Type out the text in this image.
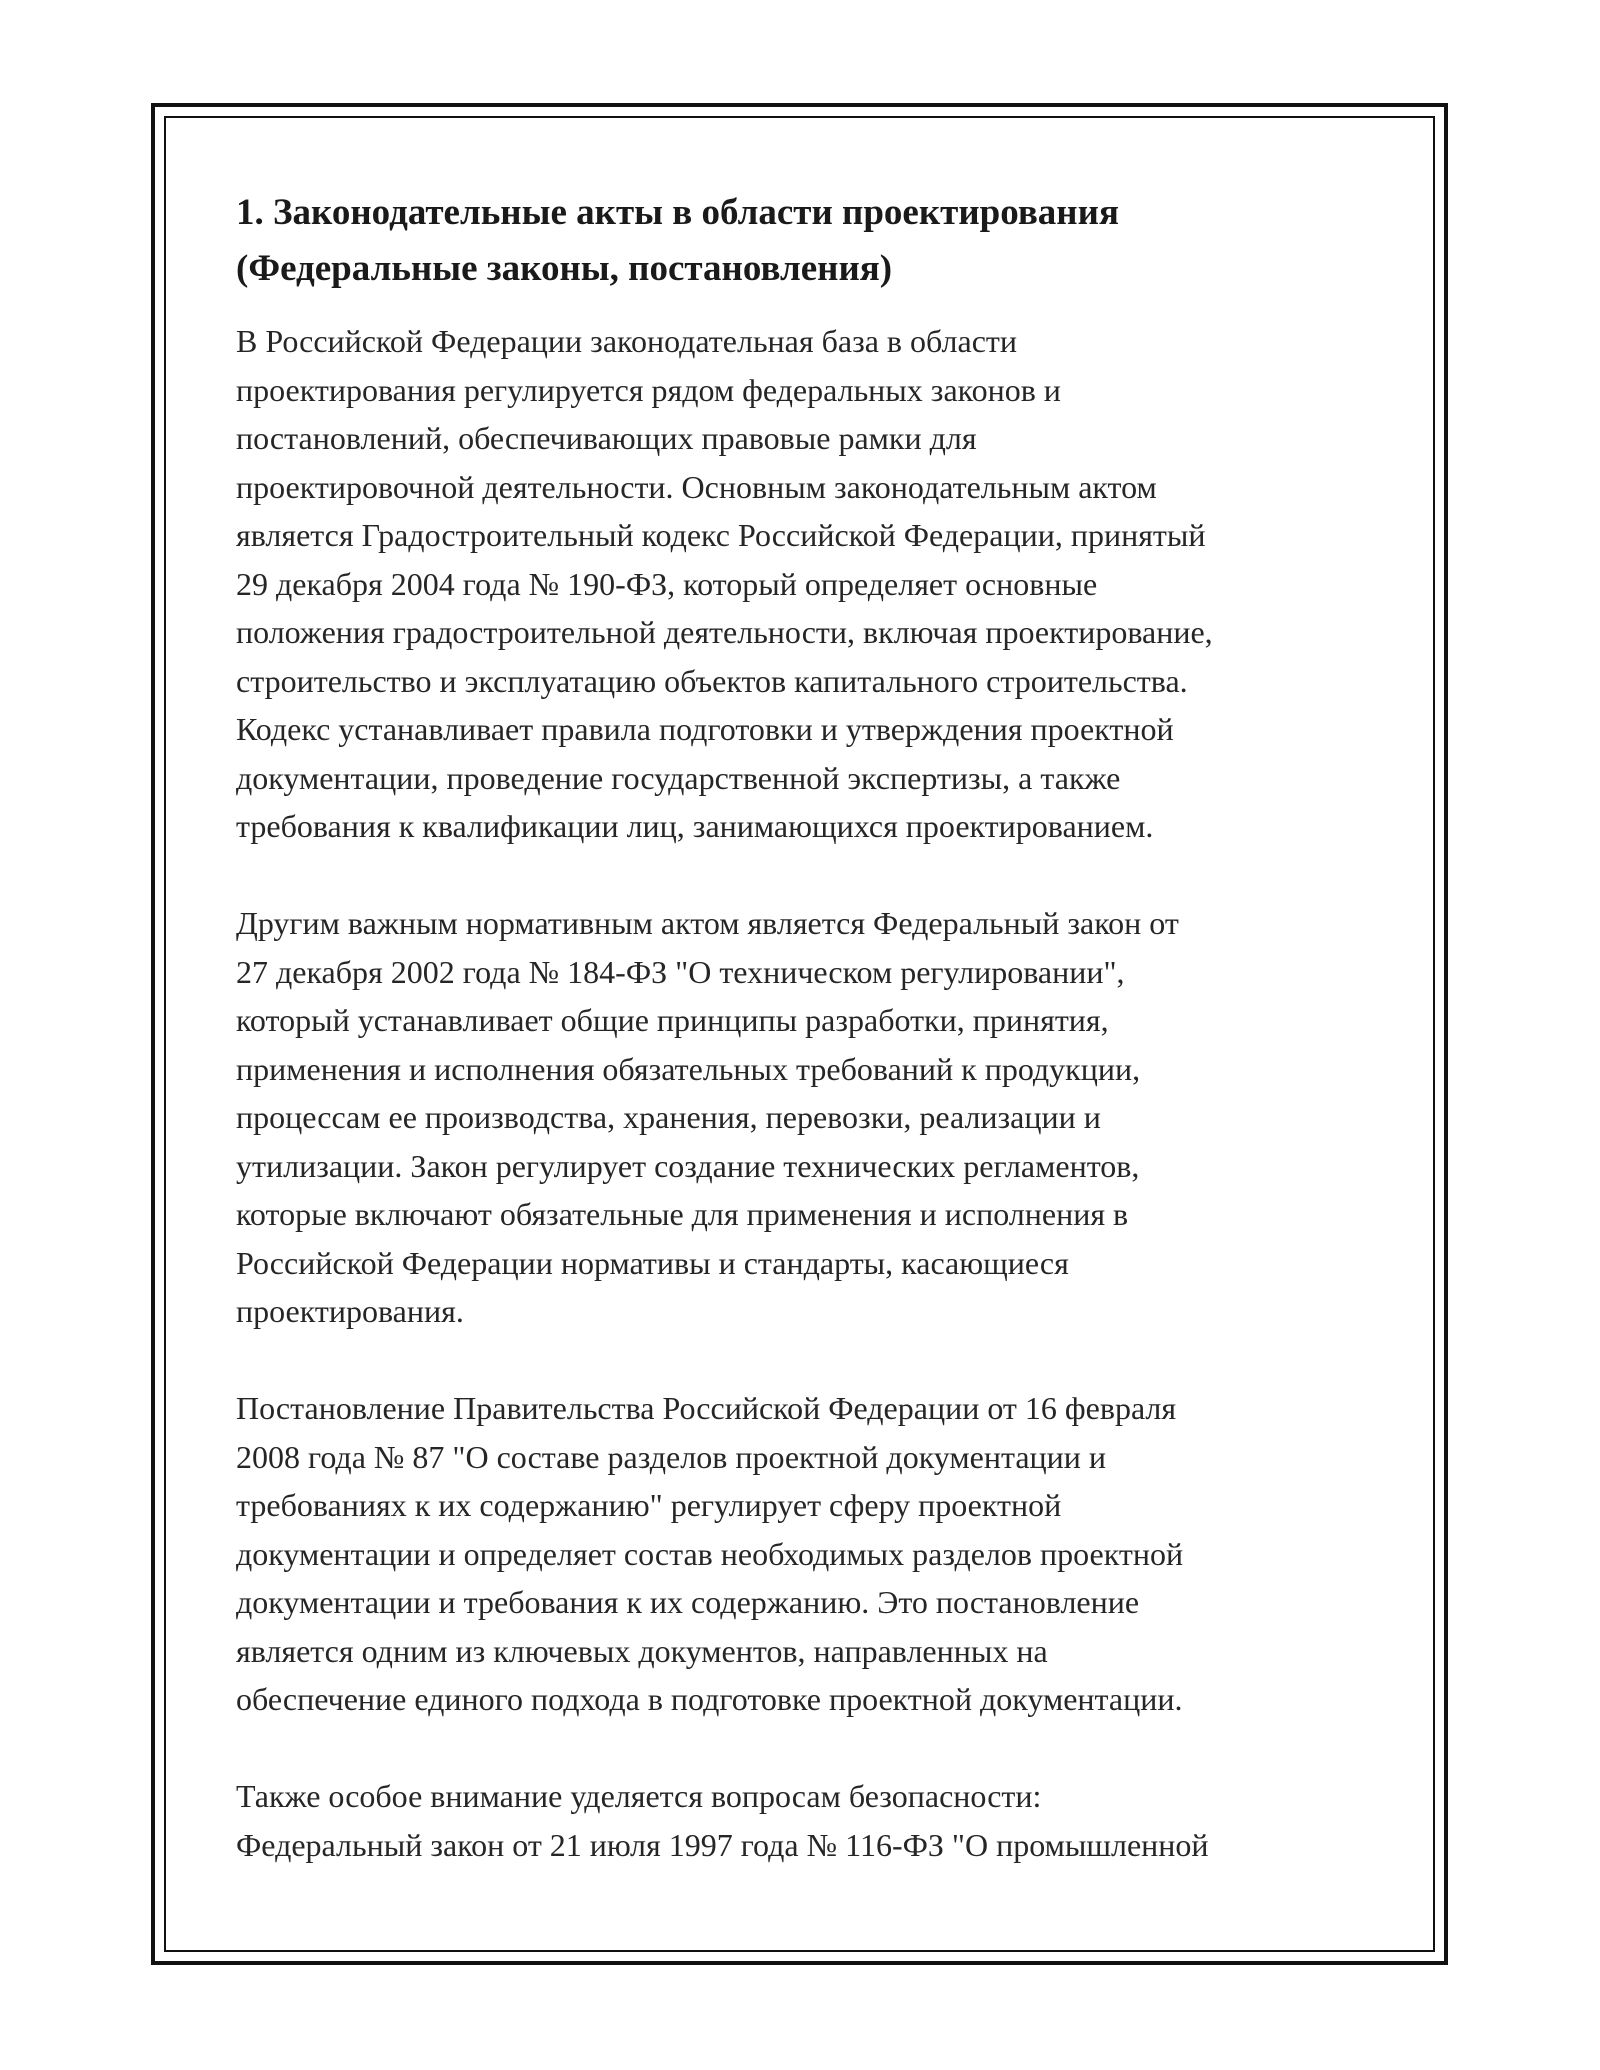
1. Законодательные акты в области проектирования
(Федеральные законы, постановления)

В Российской Федерации законодательная база в области
проектирования регулируется рядом федеральных законов и
постановлений, обеспечивающих правовые рамки для
проектировочной деятельности. Основным законодательным актом
является Градостроительный кодекс Российской Федерации, принятый
29 декабря 2004 года № 190-ФЗ, который определяет основные
положения градостроительной деятельности, включая проектирование,
строительство и эксплуатацию объектов капитального строительства.
Кодекс устанавливает правила подготовки и утверждения проектной
документации, проведение государственной экспертизы, а также
требования к квалификации лиц, занимающихся проектированием.

Другим важным нормативным актом является Федеральный закон от
27 декабря 2002 года № 184-ФЗ "О техническом регулировании",
который устанавливает общие принципы разработки, принятия,
применения и исполнения обязательных требований к продукции,
процессам ее производства, хранения, перевозки, реализации и
утилизации. Закон регулирует создание технических регламентов,
которые включают обязательные для применения и исполнения в
Российской Федерации нормативы и стандарты, касающиеся
проектирования.

Постановление Правительства Российской Федерации от 16 февраля
2008 года № 87 "О составе разделов проектной документации и
требованиях к их содержанию" регулирует сферу проектной
документации и определяет состав необходимых разделов проектной
документации и требования к их содержанию. Это постановление
является одним из ключевых документов, направленных на
обеспечение единого подхода в подготовке проектной документации.

Также особое внимание уделяется вопросам безопасности:
Федеральный закон от 21 июля 1997 года № 116-ФЗ "О промышленной
